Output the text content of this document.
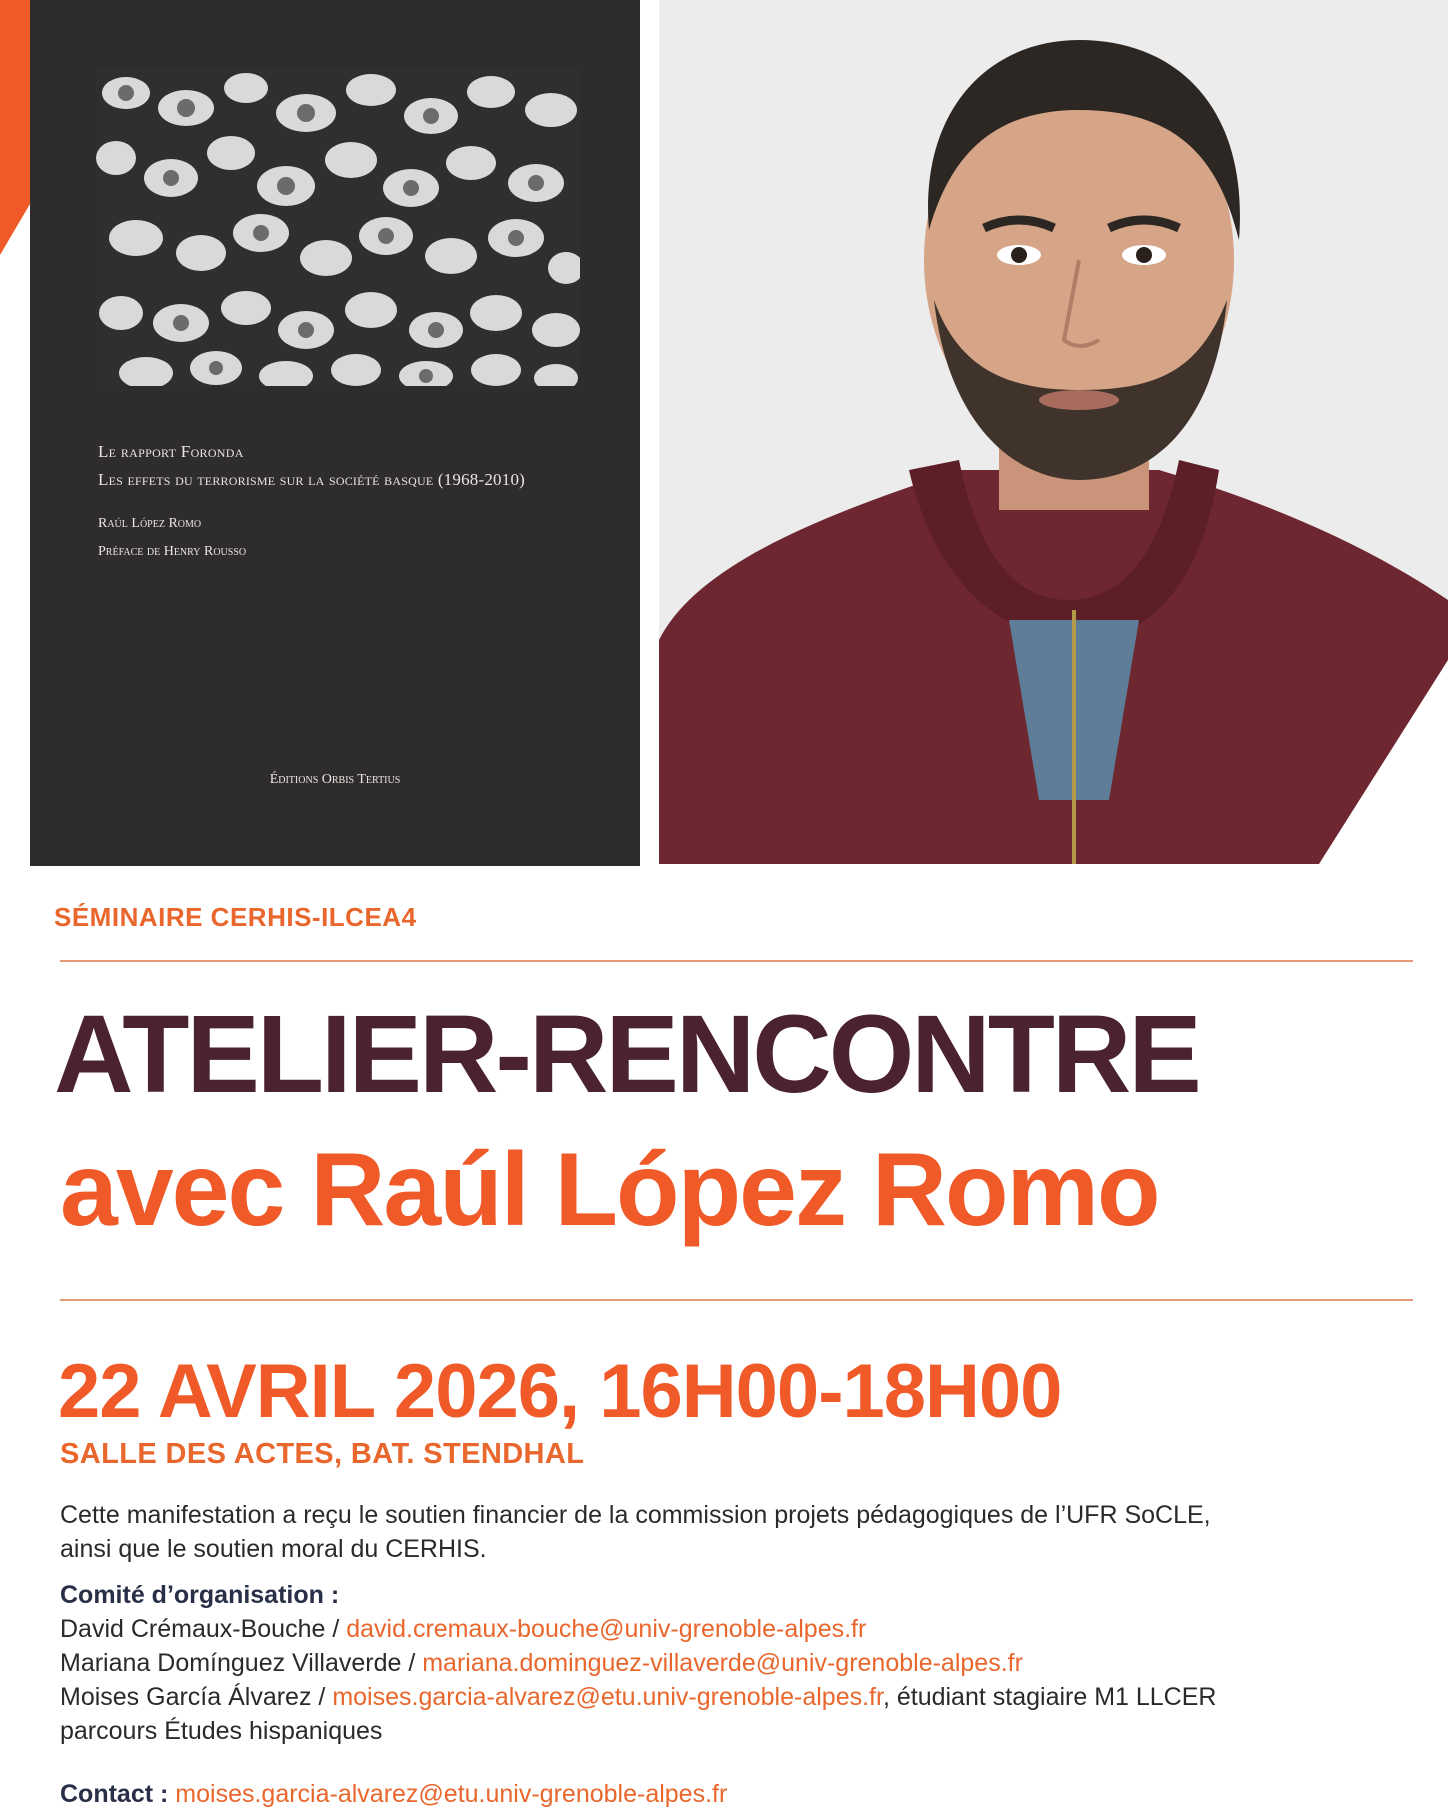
Le rapport Foronda
Les effets du terrorisme sur la société basque (1968-2010)
Raúl López Romo
Préface de Henry Rousso
Éditions Orbis Tertius
SÉMINAIRE CERHIS-ILCEA4
ATELIER-RENCONTRE
avec Raúl López Romo
22 AVRIL 2026, 16H00-18H00
SALLE DES ACTES, BAT. STENDHAL
Cette manifestation a reçu le soutien financier de la commission projets pédagogiques de l’UFR SoCLE,
ainsi que le soutien moral du CERHIS.
Comité d’organisation :
David Crémaux-Bouche / david.cremaux-bouche@univ-grenoble-alpes.fr
Mariana Domínguez Villaverde / mariana.dominguez-villaverde@univ-grenoble-alpes.fr
Moises García Álvarez / moises.garcia-alvarez@etu.univ-grenoble-alpes.fr, étudiant stagiaire M1 LLCER
parcours Études hispaniques
Contact : moises.garcia-alvarez@etu.univ-grenoble-alpes.fr
